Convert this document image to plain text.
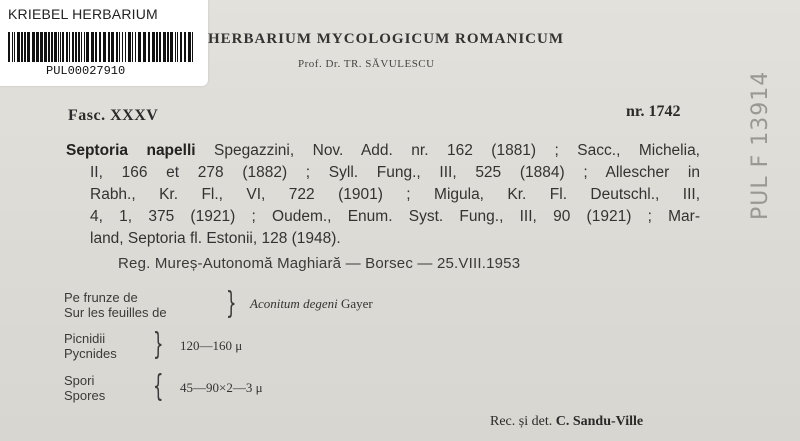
KRIEBEL HERBARIUM
PUL00027910
HERBARIUM MYCOLOGICUM ROMANICUM
Prof. Dr. TR. SĂVULESCU
Fasc. XXXV	nr. 1742
Septoria napelli Spegazzini, Nov. Add. nr. 162 (1881) ; Sacc., Michelia,
II, 166 et 278 (1882) ; Syll. Fung., III, 525 (1884) ; Allescher in
Rabh., Kr. Fl., VI, 722 (1901) ; Migula, Kr. Fl. Deutschl., III,
4, 1, 375 (1921) ; Oudem., Enum. Syst. Fung., III, 90 (1921) ; Mar-
land, Septoria fl. Estonii, 128 (1948).
Reg. Mureș-Autonomă Maghiară — Borsec — 25.VIII.1953
Pe frunze de
Sur les feuilles de } Aconitum degeni Gayer
Picnidii
Pycnides } 120—160 μ
Spori
Spores { 45—90×2—3 μ
Rec. și det. C. Sandu-Ville
